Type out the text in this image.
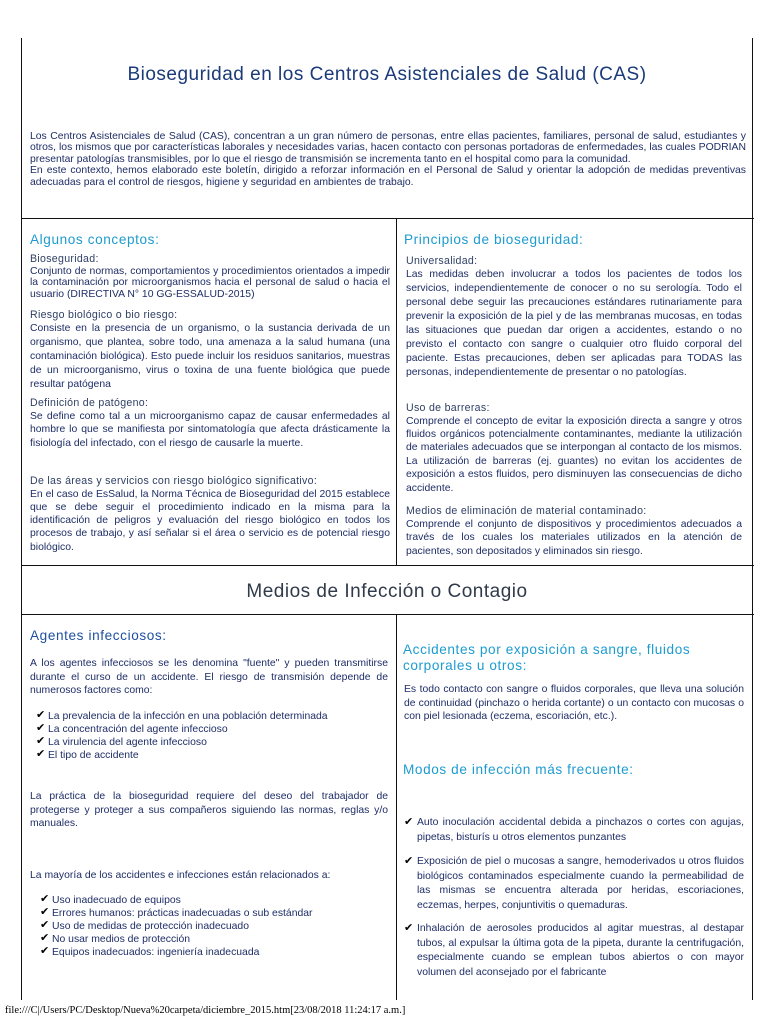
Bioseguridad en los Centros Asistenciales de Salud (CAS)

Los Centros Asistenciales de Salud (CAS), concentran a un gran número de personas, entre ellas pacientes, familiares, personal de salud, estudiantes y otros, los mismos que por características laborales y necesidades varias, hacen contacto con personas portadoras de enfermedades, las cuales PODRIAN presentar patologías transmisibles, por lo que el riesgo de transmisión se incrementa tanto en el hospital como para la comunidad.

En este contexto, hemos elaborado este boletín, dirigido a reforzar información en el Personal de Salud y orientar la adopción de medidas preventivas adecuadas para el control de riesgos, higiene y seguridad en ambientes de trabajo.

Algunos conceptos:
Bioseguridad:

Conjunto de normas, comportamientos y procedimientos orientados a impedir la contaminación por microorganismos hacia el personal de salud o hacia el usuario (DIRECTIVA N° 10 GG-ESSALUD-2015)

Riesgo biológico o bio riesgo:

Consiste en la presencia de un organismo, o la sustancia derivada de un organismo, que plantea, sobre todo, una amenaza a la salud humana (una contaminación biológica). Esto puede incluir los residuos sanitarios, muestras de un microorganismo, virus o toxina de una fuente biológica que puede resultar patógena

Definición de patógeno:

Se define como tal a un microorganismo capaz de causar enfermedades al hombre lo que se manifiesta por sintomatología que afecta drásticamente la fisiología del infectado, con el riesgo de causarle la muerte.

De las áreas y servicios con riesgo biológico significativo:

En el caso de EsSalud, la Norma Técnica de Bioseguridad del 2015 establece que se debe seguir el procedimiento indicado en la misma para la identificación de peligros y evaluación del riesgo biológico en todos los procesos de trabajo, y así señalar si el área o servicio es de potencial riesgo biológico.

Principios de bioseguridad:
Universalidad:

Las medidas deben involucrar a todos los pacientes de todos los servicios, independientemente de conocer o no su serología. Todo el personal debe seguir las precauciones estándares rutinariamente para prevenir la exposición de la piel y de las membranas mucosas, en todas las situaciones que puedan dar origen a accidentes, estando o no previsto el contacto con sangre o cualquier otro fluido corporal del paciente. Estas precauciones, deben ser aplicadas para TODAS las personas, independientemente de presentar o no patologías.

Uso de barreras:

Comprende el concepto de evitar la exposición directa a sangre y otros fluidos orgánicos potencialmente contaminantes, mediante la utilización de materiales adecuados que se interpongan al contacto de los mismos. La utilización de barreras (ej. guantes) no evitan los accidentes de exposición a estos fluidos, pero disminuyen las consecuencias de dicho accidente.

Medios de eliminación de material contaminado:

Comprende el conjunto de dispositivos y procedimientos adecuados a través de los cuales los materiales utilizados en la atención de pacientes, son depositados y eliminados sin riesgo.

Medios de Infección o Contagio
Agentes infecciosos:

A los agentes infecciosos se les denomina "fuente" y pueden transmitirse durante el curso de un accidente. El riesgo de transmisión depende de numerosos factores como:

✔ La prevalencia de la infección en una población determinada
✔ La concentración del agente infeccioso
✔ La virulencia del agente infeccioso
✔ El tipo de accidente

La práctica de la bioseguridad requiere del deseo del trabajador de protegerse y proteger a sus compañeros siguiendo las normas, reglas y/o manuales.

La mayoría de los accidentes e infecciones están relacionados a:

✔ Uso inadecuado de equipos
✔ Errores humanos: prácticas inadecuadas o sub estándar
✔ Uso de medidas de protección inadecuado
✔ No usar medios de protección
✔ Equipos inadecuados: ingeniería inadecuada
Accidentes por exposición a sangre, fluidos corporales u otros:

Es todo contacto con sangre o fluidos corporales, que lleva una solución de continuidad (pinchazo o herida cortante) o un contacto con mucosas o con piel lesionada (eczema, escoriación, etc.).

Modos de infección más frecuente:
✔ Auto inoculación accidental debida a pinchazos o cortes con agujas, pipetas, bisturís u otros elementos punzantes
✔ Exposición de piel o mucosas a sangre, hemoderivados u otros fluidos biológicos contaminados especialmente cuando la permeabilidad de las mismas se encuentra alterada por heridas, escoriaciones, eczemas, herpes, conjuntivitis o quemaduras.
✔ Inhalación de aerosoles producidos al agitar muestras, al destapar tubos, al expulsar la última gota de la pipeta, durante la centrifugación, especialmente cuando se emplean tubos abiertos o con mayor volumen del aconsejado por el fabricante
file:///C|/Users/PC/Desktop/Nueva%20carpeta/diciembre_2015.htm[23/08/2018 11:24:17 a.m.]
